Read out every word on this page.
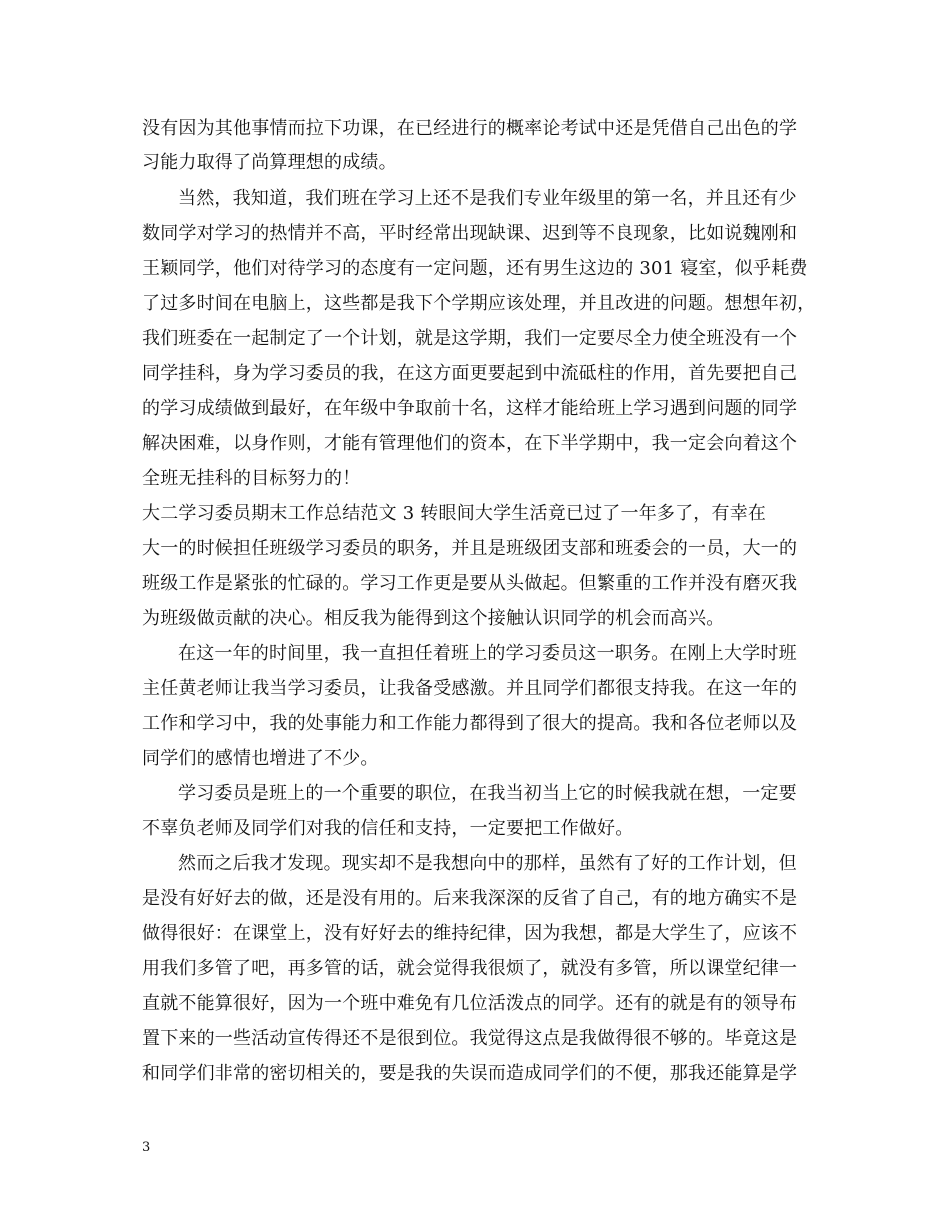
没有因为其他事情而拉下功课，在已经进行的概率论考试中还是凭借自己出色的学
习能力取得了尚算理想的成绩。
当然，我知道，我们班在学习上还不是我们专业年级里的第一名，并且还有少
数同学对学习的热情并不高，平时经常出现缺课、迟到等不良现象，比如说魏刚和
王颖同学，他们对待学习的态度有一定问题，还有男生这边的 301 寝室，似乎耗费
了过多时间在电脑上，这些都是我下个学期应该处理，并且改进的问题。想想年初，
我们班委在一起制定了一个计划，就是这学期，我们一定要尽全力使全班没有一个
同学挂科，身为学习委员的我，在这方面更要起到中流砥柱的作用，首先要把自己
的学习成绩做到最好，在年级中争取前十名，这样才能给班上学习遇到问题的同学
解决困难，以身作则，才能有管理他们的资本，在下半学期中，我一定会向着这个
全班无挂科的目标努力的！
大二学习委员期末工作总结范文 3 转眼间大学生活竟已过了一年多了，有幸在
大一的时候担任班级学习委员的职务，并且是班级团支部和班委会的一员，大一的
班级工作是紧张的忙碌的。学习工作更是要从头做起。但繁重的工作并没有磨灭我
为班级做贡献的决心。相反我为能得到这个接触认识同学的机会而高兴。
在这一年的时间里，我一直担任着班上的学习委员这一职务。在刚上大学时班
主任黄老师让我当学习委员，让我备受感激。并且同学们都很支持我。在这一年的
工作和学习中，我的处事能力和工作能力都得到了很大的提高。我和各位老师以及
同学们的感情也增进了不少。
学习委员是班上的一个重要的职位，在我当初当上它的时候我就在想，一定要
不辜负老师及同学们对我的信任和支持，一定要把工作做好。
然而之后我才发现。现实却不是我想向中的那样，虽然有了好的工作计划，但
是没有好好去的做，还是没有用的。后来我深深的反省了自己，有的地方确实不是
做得很好：在课堂上，没有好好去的维持纪律，因为我想，都是大学生了，应该不
用我们多管了吧，再多管的话，就会觉得我很烦了，就没有多管，所以课堂纪律一
直就不能算很好，因为一个班中难免有几位活泼点的同学。还有的就是有的领导布
置下来的一些活动宣传得还不是很到位。我觉得这点是我做得很不够的。毕竟这是
和同学们非常的密切相关的，要是我的失误而造成同学们的不便，那我还能算是学
3
